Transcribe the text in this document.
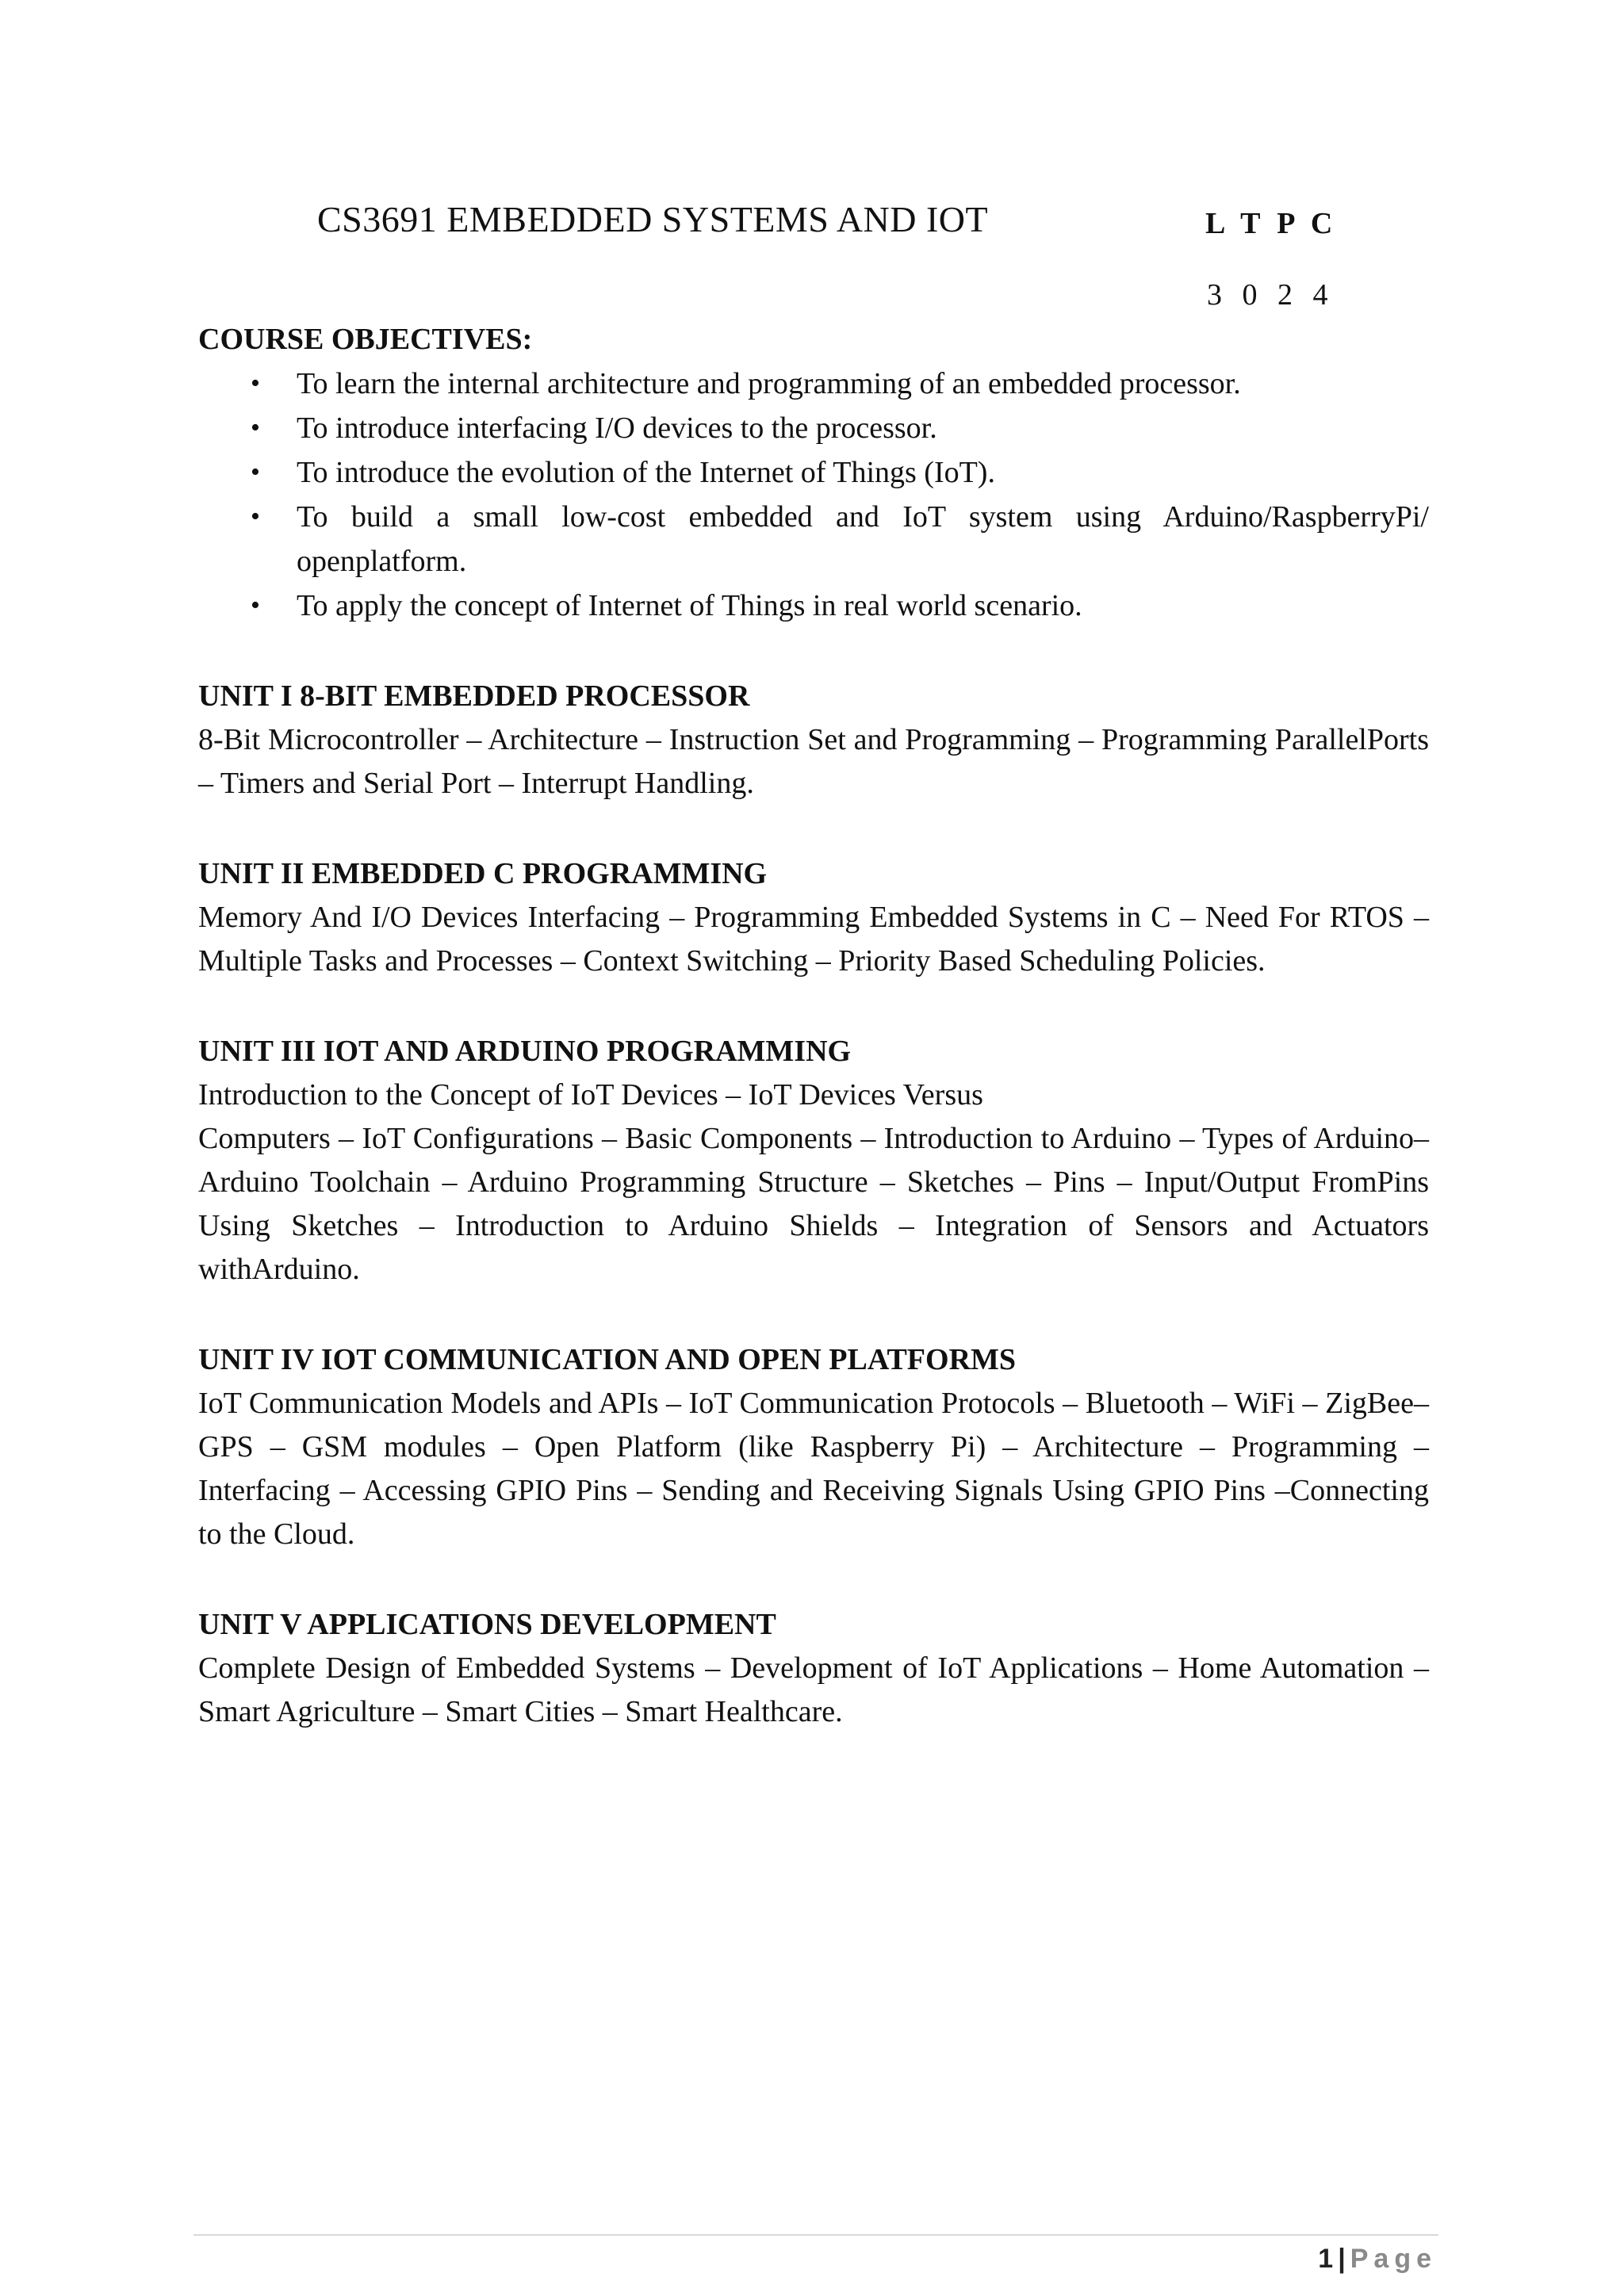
CS3691 EMBEDDED SYSTEMS AND IOT	L T P C
3 0 2 4
COURSE OBJECTIVES:
• To learn the internal architecture and programming of an embedded processor.
• To introduce interfacing I/O devices to the processor.
• To introduce the evolution of the Internet of Things (IoT).
• To build a small low-cost embedded and IoT system using Arduino/RaspberryPi/ openplatform.
• To apply the concept of Internet of Things in real world scenario.
UNIT I 8-BIT EMBEDDED PROCESSOR

8-Bit Microcontroller – Architecture – Instruction Set and Programming – Programming ParallelPorts – Timers and Serial Port – Interrupt Handling.

UNIT II EMBEDDED C PROGRAMMING

Memory And I/O Devices Interfacing – Programming Embedded Systems in C – Need For RTOS –Multiple Tasks and Processes – Context Switching – Priority Based Scheduling Policies.

UNIT III IOT AND ARDUINO PROGRAMMING

Introduction to the Concept of IoT Devices – IoT Devices Versus

Computers – IoT Configurations – Basic Components – Introduction to Arduino – Types of Arduino– Arduino Toolchain – Arduino Programming Structure – Sketches – Pins – Input/Output FromPins Using Sketches – Introduction to Arduino Shields – Integration of Sensors and Actuators withArduino.

UNIT IV IOT COMMUNICATION AND OPEN PLATFORMS

IoT Communication Models and APIs – IoT Communication Protocols – Bluetooth – WiFi – ZigBee– GPS – GSM modules – Open Platform (like Raspberry Pi) – Architecture – Programming –Interfacing – Accessing GPIO Pins – Sending and Receiving Signals Using GPIO Pins –Connecting to the Cloud.

UNIT V APPLICATIONS DEVELOPMENT

Complete Design of Embedded Systems – Development of IoT Applications – Home Automation –Smart Agriculture – Smart Cities – Smart Healthcare.

1 | Page
